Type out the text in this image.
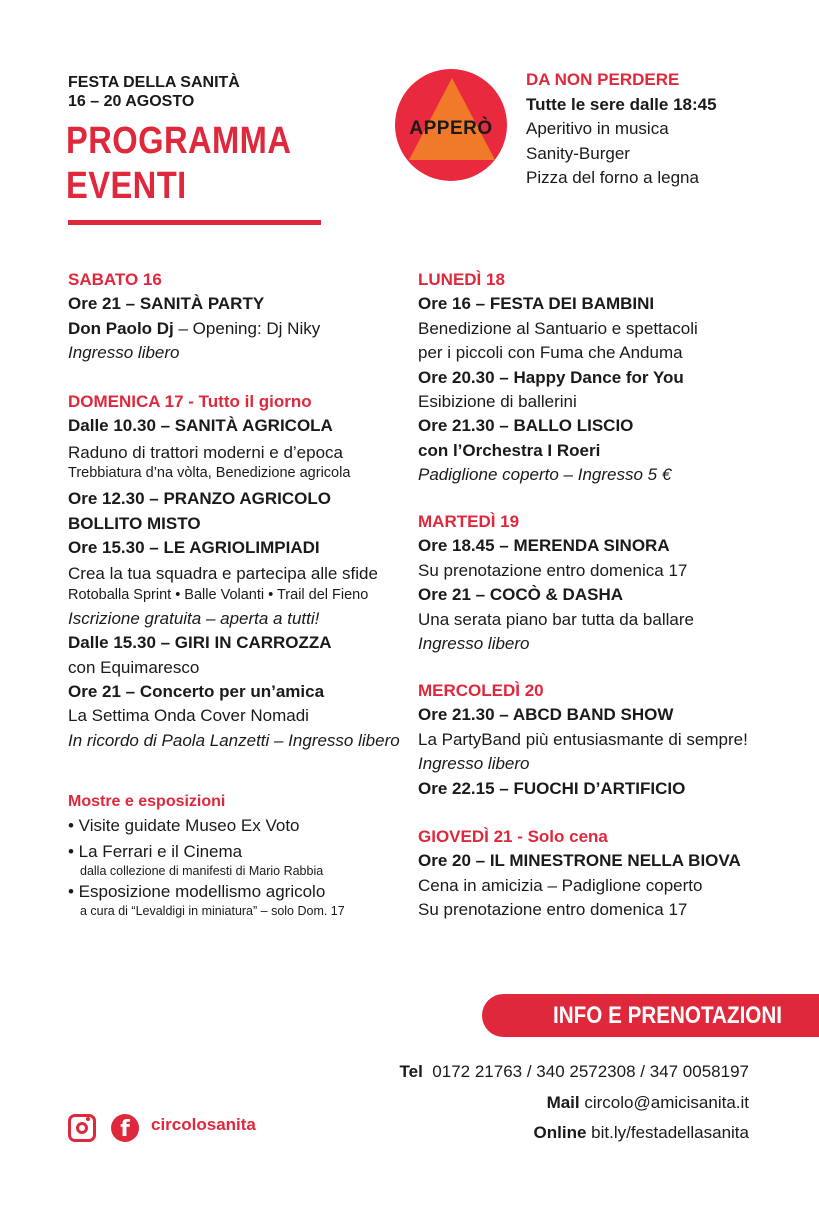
FESTA DELLA SANITÀ
16 – 20 AGOSTO
PROGRAMMA
EVENTI
APPERÒ
DA NON PERDERE
Tutte le sere dalle 18:45
Aperitivo in musica
Sanity-Burger
Pizza del forno a legna
SABATO 16
Ore 21 – SANITÀ PARTY
Don Paolo Dj – Opening: Dj Niky
Ingresso libero
DOMENICA 17 - Tutto il giorno
Dalle 10.30 – SANITÀ AGRICOLA
Raduno di trattori moderni e d’epoca
Trebbiatura d’na vòlta, Benedizione agricola
Ore 12.30 – PRANZO AGRICOLO
BOLLITO MISTO
Ore 15.30 – LE AGRIOLIMPIADI
Crea la tua squadra e partecipa alle sfide
Rotoballa Sprint • Balle Volanti • Trail del Fieno
Iscrizione gratuita – aperta a tutti!
Dalle 15.30 – GIRI IN CARROZZA
con Equimaresco
Ore 21 – Concerto per un’amica
La Settima Onda Cover Nomadi
In ricordo di Paola Lanzetti – Ingresso libero
Mostre e esposizioni
• Visite guidate Museo Ex Voto
• La Ferrari e il Cinema
dalla collezione di manifesti di Mario Rabbia
• Esposizione modellismo agricolo
a cura di “Levaldigi in miniatura” – solo Dom. 17
LUNEDÌ 18
Ore 16 – FESTA DEI BAMBINI
Benedizione al Santuario e spettacoli
per i piccoli con Fuma che Anduma
Ore 20.30 – Happy Dance for You
Esibizione di ballerini
Ore 21.30 – BALLO LISCIO
con l’Orchestra I Roeri
Padiglione coperto – Ingresso 5 €
MARTEDÌ 19
Ore 18.45 – MERENDA SINORA
Su prenotazione entro domenica 17
Ore 21 – COCÒ & DASHA
Una serata piano bar tutta da ballare
Ingresso libero
MERCOLEDÌ 20
Ore 21.30 – ABCD BAND SHOW
La PartyBand più entusiasmante di sempre!
Ingresso libero
Ore 22.15 – FUOCHI D’ARTIFICIO
GIOVEDÌ 21 - Solo cena
Ore 20 – IL MINESTRONE NELLA BIOVA
Cena in amicizia – Padiglione coperto
Su prenotazione entro domenica 17
INFO E PRENOTAZIONI
Tel 0172 21763 / 340 2572308 / 347 0058197
Mail circolo@amicisanita.it
Online bit.ly/festadellasanita
f	circolosanita
